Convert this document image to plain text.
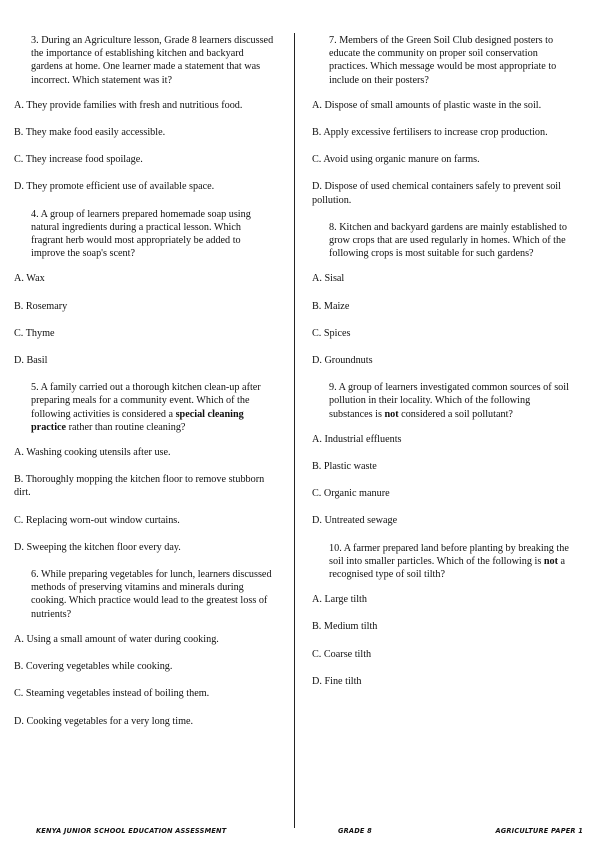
3. During an Agriculture lesson, Grade 8 learners discussed the importance of establishing kitchen and backyard gardens at home. One learner made a statement that was incorrect. Which statement was it?
A. They provide families with fresh and nutritious food.
B. They make food easily accessible.
C. They increase food spoilage.
D. They promote efficient use of available space.
4. A group of learners prepared homemade soap using natural ingredients during a practical lesson. Which fragrant herb would most appropriately be added to improve the soap's scent?
A. Wax
B. Rosemary
C. Thyme
D. Basil
5. A family carried out a thorough kitchen clean-up after preparing meals for a community event. Which of the following activities is considered a special cleaning practice rather than routine cleaning?
A. Washing cooking utensils after use.
B. Thoroughly mopping the kitchen floor to remove stubborn dirt.
C. Replacing worn-out window curtains.
D. Sweeping the kitchen floor every day.
6. While preparing vegetables for lunch, learners discussed methods of preserving vitamins and minerals during cooking. Which practice would lead to the greatest loss of nutrients?
A. Using a small amount of water during cooking.
B. Covering vegetables while cooking.
C. Steaming vegetables instead of boiling them.
D. Cooking vegetables for a very long time.
7. Members of the Green Soil Club designed posters to educate the community on proper soil conservation practices. Which message would be most appropriate to include on their posters?
A. Dispose of small amounts of plastic waste in the soil.
B. Apply excessive fertilisers to increase crop production.
C. Avoid using organic manure on farms.
D. Dispose of used chemical containers safely to prevent soil pollution.
8. Kitchen and backyard gardens are mainly established to grow crops that are used regularly in homes. Which of the following crops is most suitable for such gardens?
A. Sisal
B. Maize
C. Spices
D. Groundnuts
9. A group of learners investigated common sources of soil pollution in their locality. Which of the following substances is not considered a soil pollutant?
A. Industrial effluents
B. Plastic waste
C. Organic manure
D. Untreated sewage
10. A farmer prepared land before planting by breaking the soil into smaller particles. Which of the following is not a recognised type of soil tilth?
A. Large tilth
B. Medium tilth
C. Coarse tilth
D. Fine tilth
KENYA JUNIOR SCHOOL EDUCATION ASSESSMENT	GRADE 8	AGRICULTURE PAPER 1
